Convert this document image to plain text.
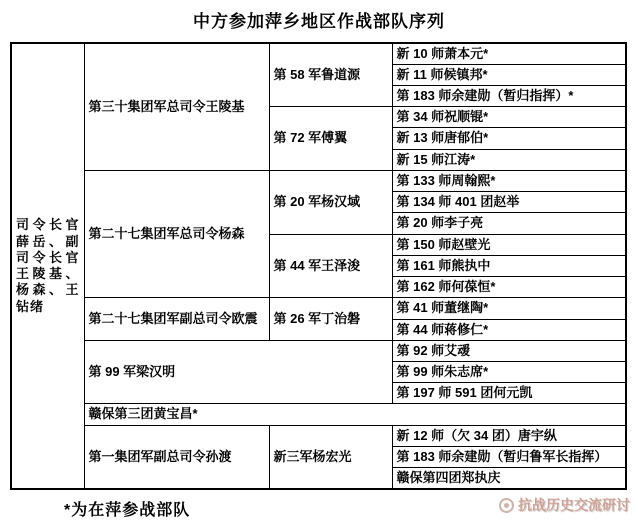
中方参加萍乡地区作战部队序列
司令长官薛岳、副司令长官王陵基、杨森、王钻绪	第三十集团军总司令王陵基	第 58 军鲁道源	新 10 师萧本元*
			新 11 师候镇邦*
			第 183 师余建勋（暂归指挥）*
		第 72 军傅翼	第 34 师祝顺锟*
			新 13 师唐郁伯*
			新 15 师江涛*
	第二十七集团军总司令杨森	第 20 军杨汉域	第 133 师周翰熙*
			第 134 师 401 团赵举
			第 20 师李子亮
		第 44 军王泽浚	第 150 师赵壁光
			第 161 师熊执中
			第 162 师何葆恒*
	第二十七集团军副总司令欧震	第 26 军丁治磐	第 41 师董继陶*
			第 44 师蒋修仁*
	第 99 军梁汉明		第 92 师艾叆
			第 99 师朱志席*
			第 197 师 591 团何元凯
	赣保第三团黄宝昌*		
	第一集团军副总司令孙渡	新三军杨宏光	新 12 师（欠 34 团）唐宇纵
			第 183 师余建勋（暂归鲁军长指挥）
			赣保第四团郑执庆
*为在萍参战部队	抗战历史交流研讨
